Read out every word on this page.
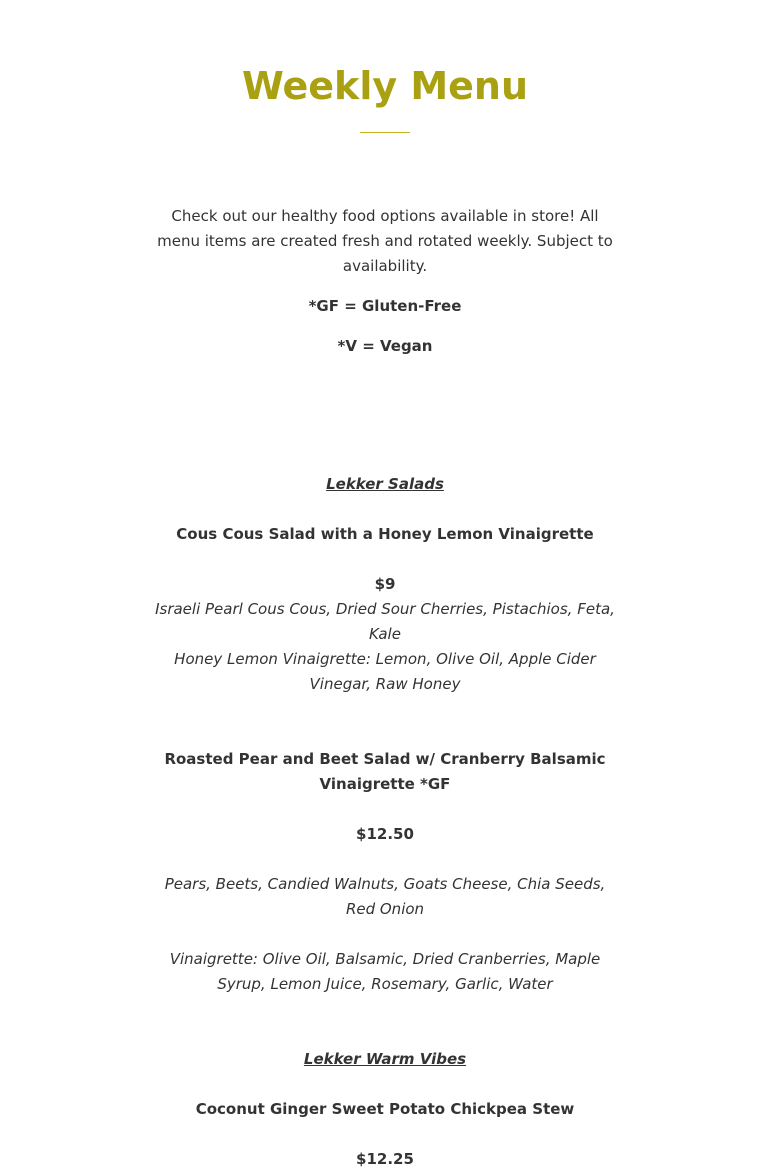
Weekly Menu

Check out our healthy food options available in store! All menu items are created fresh and rotated weekly. Subject to availability.

*GF = Gluten-Free

*V = Vegan

Lekker Salads

Cous Cous Salad with a Honey Lemon Vinaigrette

$9

Israeli Pearl Cous Cous, Dried Sour Cherries, Pistachios, Feta, Kale

Honey Lemon Vinaigrette: Lemon, Olive Oil, Apple Cider Vinegar, Raw Honey

Roasted Pear and Beet Salad w/ Cranberry Balsamic Vinaigrette *GF

$12.50

Pears, Beets, Candied Walnuts, Goats Cheese, Chia Seeds, Red Onion

Vinaigrette: Olive Oil, Balsamic, Dried Cranberries, Maple Syrup, Lemon Juice, Rosemary, Garlic, Water

Lekker Warm Vibes

Coconut Ginger Sweet Potato Chickpea Stew

$12.25
